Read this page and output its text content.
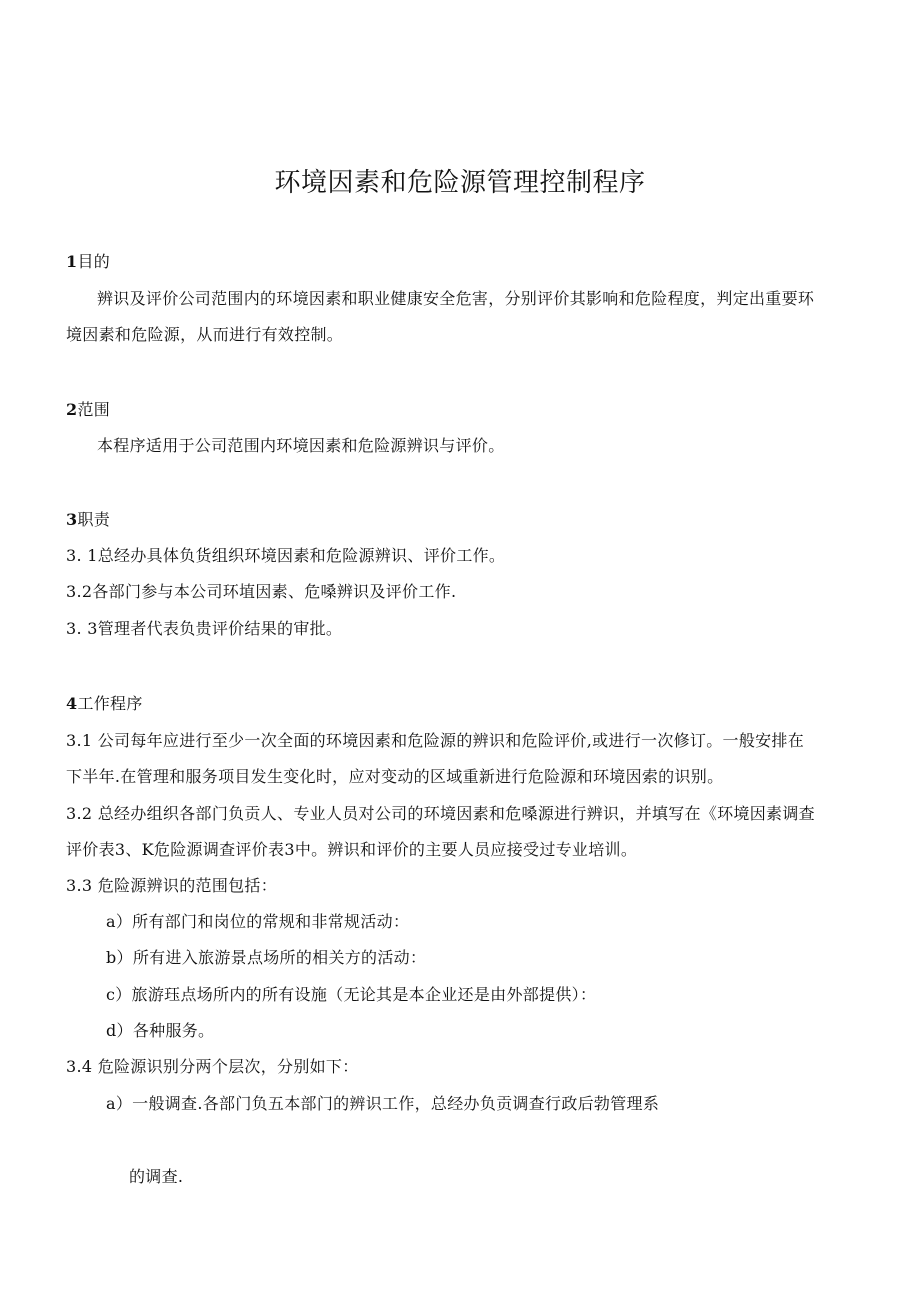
环境因素和危险源管理控制程序
1目的

辨识及评价公司范围内的环境因素和职业健康安全危害，分别评价其影响和危险程度，判定出重要环

境因素和危险源，从而进行有效控制。

2范围

本程序适用于公司范围内环境因素和危险源辨识与评价。

3职责

3. 1总经办具体负货组织环境因素和危险源辨识、评价工作。

3.2各部门参与本公司环埴因素、危嗓辨识及评价工作.

3. 3管理者代表负贵评价结果的审批。

4工作程序

3.1 公司每年应进行至少一次全面的环境因素和危险源的辨识和危险评价,或进行一次修订。一般安排在

下半年.在管理和服务项目发生变化时，应对变动的区域重新进行危险源和环境因索的识别。

3.2 总经办组织各部门负贡人、专业人员对公司的环境因素和危嗓源进行辨识，并填写在《环境因素调查

评价表3、K危险源调查评价表3中。辨识和评价的主要人员应接受过专业培训。

3.3 危险源辨识的范围包括：

a）所有部门和岗位的常规和非常规活动：

b）所有进入旅游景点场所的相关方的活动：

c）旅游珏点场所内的所有设施（无论其是本企业还是由外部提供）：

d）各种服务。

3.4 危险源识别分两个层次，分别如下：

a）一般调查.各部门负五本部门的辨识工作，总经办负贡调查行政后勃管理系

的调查.
